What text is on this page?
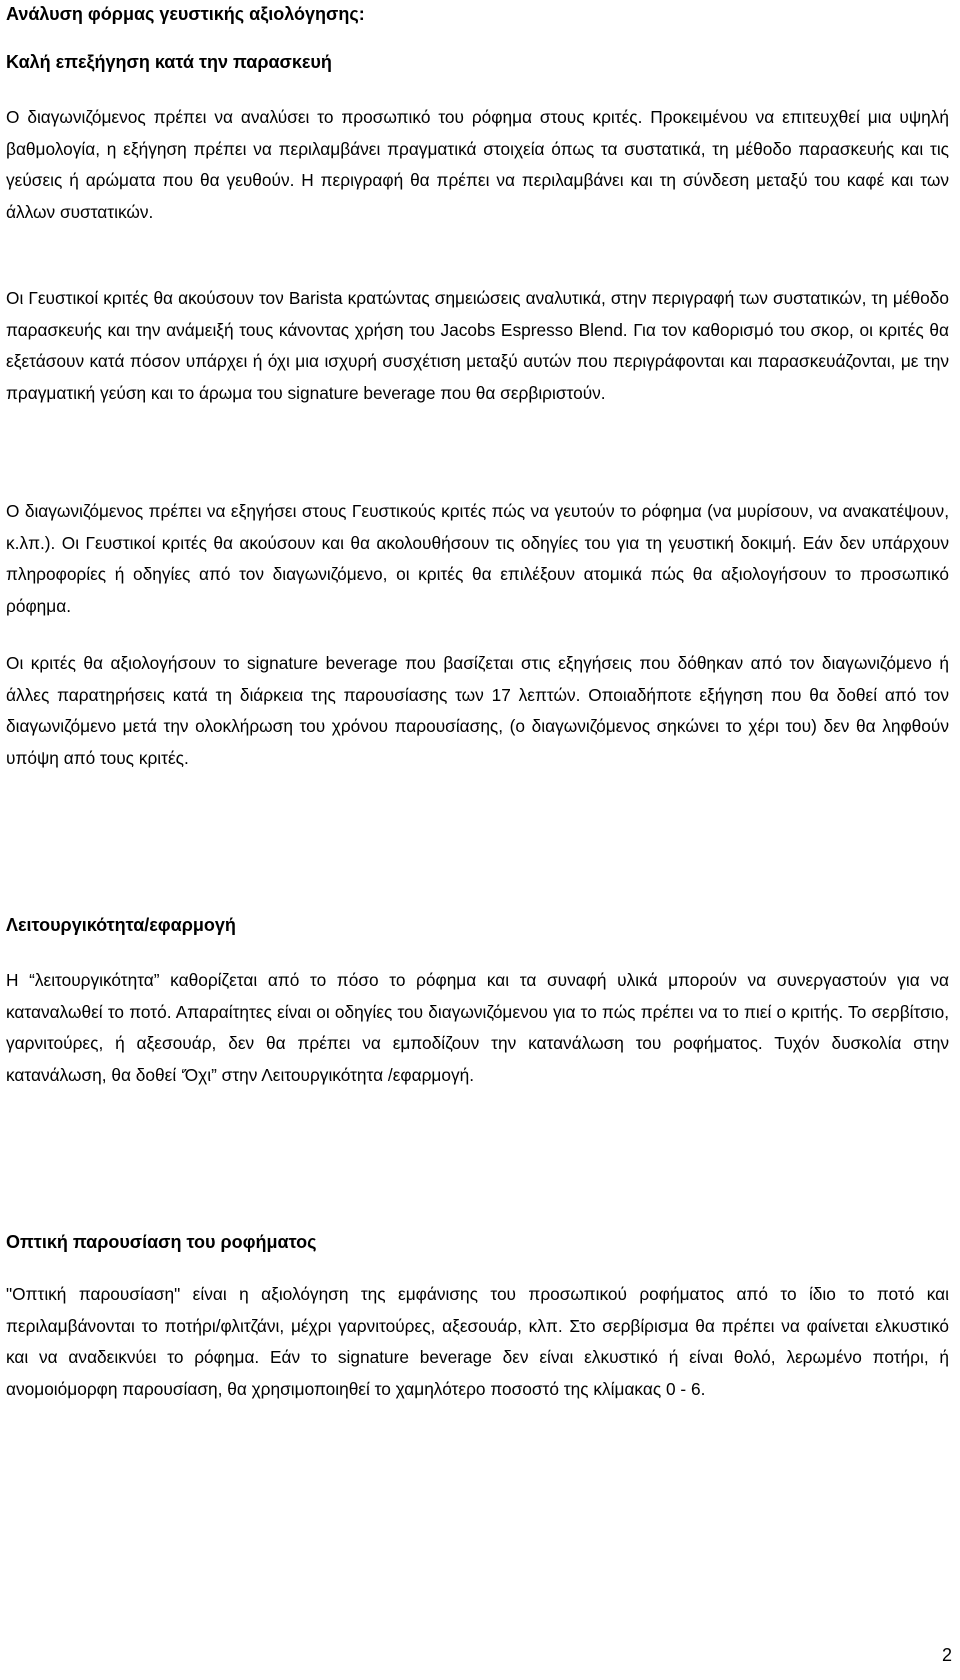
Ανάλυση φόρμας γευστικής αξιολόγησης:
Καλή επεξήγηση κατά την παρασκευή

Ο διαγωνιζόμενος πρέπει να αναλύσει το προσωπικό του ρόφημα στους κριτές. Προκειμένου να επιτευχθεί μια υψηλή βαθμολογία, η εξήγηση πρέπει να περιλαμβάνει πραγματικά στοιχεία όπως τα συστατικά, τη μέθοδο παρασκευής και τις γεύσεις ή αρώματα που θα γευθούν. Η περιγραφή θα πρέπει να περιλαμβάνει και τη σύνδεση μεταξύ του καφέ και των άλλων συστατικών.

Οι Γευστικοί κριτές θα ακούσουν τον Barista κρατώντας σημειώσεις αναλυτικά, στην περιγραφή των συστατικών, τη μέθοδο παρασκευής και την ανάμειξή τους κάνοντας χρήση του Jacobs Espresso Blend. Για τον καθορισμό του σκορ, οι κριτές θα εξετάσουν κατά πόσον υπάρχει ή όχι μια ισχυρή συσχέτιση μεταξύ αυτών που περιγράφονται και παρασκευάζονται, με την πραγματική γεύση και το άρωμα του signature beverage που θα σερβιριστούν.

Ο διαγωνιζόμενος πρέπει να εξηγήσει στους Γευστικούς κριτές πώς να γευτούν το ρόφημα (να μυρίσουν, να ανακατέψουν, κ.λπ.). Οι Γευστικοί κριτές θα ακούσουν και θα ακολουθήσουν τις οδηγίες του για τη γευστική δοκιμή. Εάν δεν υπάρχουν πληροφορίες ή οδηγίες από τον διαγωνιζόμενο, οι κριτές θα επιλέξουν ατομικά πώς θα αξιολογήσουν το προσωπικό ρόφημα.

Οι κριτές θα αξιολογήσουν το signature beverage που βασίζεται στις εξηγήσεις που δόθηκαν από τον διαγωνιζόμενο ή άλλες παρατηρήσεις κατά τη διάρκεια της παρουσίασης των 17 λεπτών. Οποιαδήποτε εξήγηση που θα δοθεί από τον διαγωνιζόμενο μετά την ολοκλήρωση του χρόνου παρουσίασης, (ο διαγωνιζόμενος σηκώνει το χέρι του) δεν θα ληφθούν υπόψη από τους κριτές.

Λειτουργικότητα/εφαρμογή

Η “λειτουργικότητα” καθορίζεται από το πόσο το ρόφημα και τα συναφή υλικά μπορούν να συνεργαστούν για να καταναλωθεί το ποτό. Απαραίτητες είναι οι οδηγίες του διαγωνιζόμενου για το πώς πρέπει να το πιεί ο κριτής. Το σερβίτσιο, γαρνιτούρες, ή αξεσουάρ, δεν θα πρέπει να εμποδίζουν την κατανάλωση του ροφήματος. Τυχόν δυσκολία στην κατανάλωση, θα δοθεί ‘Όχι” στην Λειτουργικότητα /εφαρμογή.

Οπτική παρουσίαση του ροφήματος

"Οπτική παρουσίαση" είναι η αξιολόγηση της εμφάνισης του προσωπικού ροφήματος από το ίδιο το ποτό και περιλαμβάνονται το ποτήρι/φλιτζάνι, μέχρι γαρνιτούρες, αξεσουάρ, κλπ. Στο σερβίρισμα θα πρέπει να φαίνεται ελκυστικό και να αναδεικνύει το ρόφημα. Εάν το signature beverage δεν είναι ελκυστικό ή είναι θολό, λερωμένο ποτήρι, ή ανομοιόμορφη παρουσίαση, θα χρησιμοποιηθεί το χαμηλότερο ποσοστό της κλίμακας 0 - 6.

2
